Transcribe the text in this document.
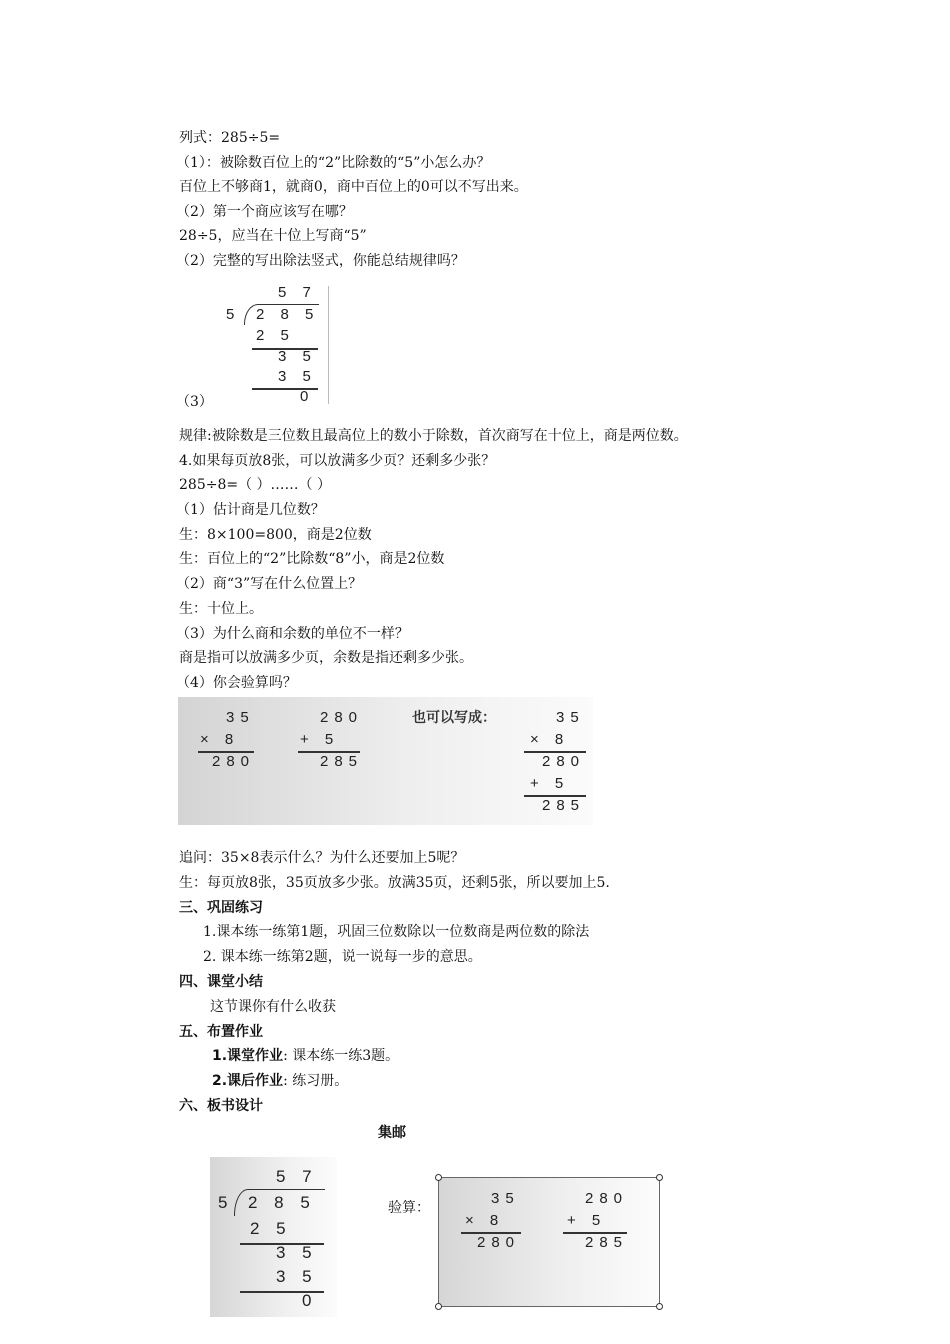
列式：285÷5=
（1）：被除数百位上的“2”比除数的“5”小怎么办？
百位上不够商1，就商0，商中百位上的0可以不写出来。
（2）第一个商应该写在哪？
28÷5，应当在十位上写商“5”
（2）完整的写出除法竖式，你能总结规律吗？
（3）
规律:被除数是三位数且最高位上的数小于除数，首次商写在十位上，商是两位数。
4.如果每页放8张，可以放满多少页？还剩多少张？
285÷8=（ ）……（ ）
（1）估计商是几位数？
生：8×100=800，商是2位数
生：百位上的“2”比除数“8”小，商是2位数
（2）商“3”写在什么位置上？
生：十位上。
（3）为什么商和余数的单位不一样？
商是指可以放满多少页，余数是指还剩多少张。
（4）你会验算吗？
追问：35×8表示什么？为什么还要加上5呢？
生：每页放8张，35页放多少张。放满35页，还剩5张，所以要加上5.
5 7
5 2 8 5
2 5
3 5
3 5
0
35
× 8
280
280
+ 5
285
也可以写成：	35
× 8
280
+ 5
285
三、巩固练习
1.课本练一练第1题，巩固三位数除以一位数商是两位数的除法
2. 课本练一练第2题，说一说每一步的意思。
四、课堂小结
这节课你有什么收获
五、布置作业
1.课堂作业: 课本练一练3题。
2.课后作业: 练习册。
六、板书设计
集邮
5 7
5 2 8 5
2 5
3 5
3 5
0
验算：
35
× 8
280
280
+ 5
285
